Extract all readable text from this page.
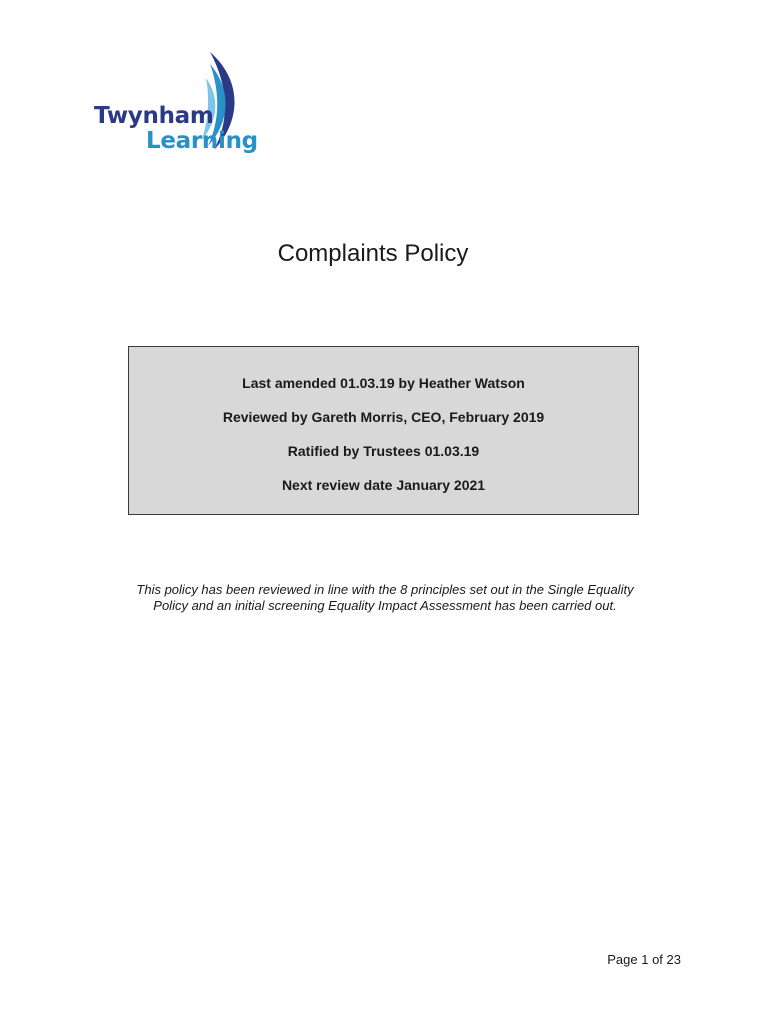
Twynham
Learning
Complaints Policy
Last amended 01.03.19 by Heather Watson
Reviewed by Gareth Morris, CEO, February 2019
Ratified by Trustees 01.03.19
Next review date January 2021

This policy has been reviewed in line with the 8 principles set out in the Single Equality Policy and an initial screening Equality Impact Assessment has been carried out.

Page 1 of 23
